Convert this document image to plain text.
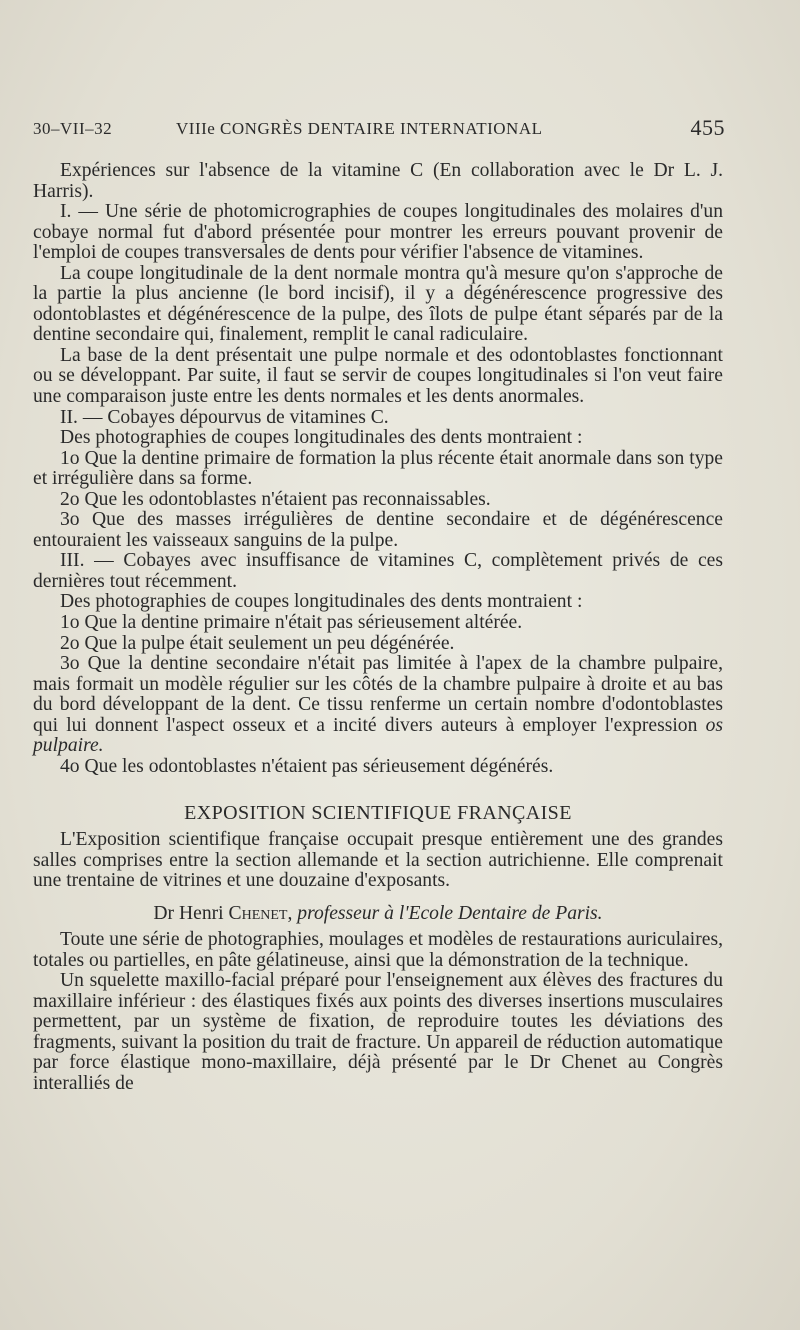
30–VII–32	VIIIe CONGRÈS DENTAIRE INTERNATIONAL	455

Expériences sur l'absence de la vitamine C (En collaboration avec le Dr L. J. Harris).

I. — Une série de photomicrographies de coupes longitudinales des molaires d'un cobaye normal fut d'abord présentée pour montrer les erreurs pouvant provenir de l'emploi de coupes transversales de dents pour vérifier l'absence de vitamines.

La coupe longitudinale de la dent normale montra qu'à mesure qu'on s'approche de la partie la plus ancienne (le bord incisif), il y a dégénérescence progressive des odontoblastes et dégénérescence de la pulpe, des îlots de pulpe étant séparés par de la dentine secondaire qui, finalement, remplit le canal radiculaire.

La base de la dent présentait une pulpe normale et des odontoblastes fonctionnant ou se développant. Par suite, il faut se servir de coupes longitudinales si l'on veut faire une comparaison juste entre les dents normales et les dents anormales.

II. — Cobayes dépourvus de vitamines C.

Des photographies de coupes longitudinales des dents montraient :

1o Que la dentine primaire de formation la plus récente était anormale dans son type et irrégulière dans sa forme.

2o Que les odontoblastes n'étaient pas reconnaissables.

3o Que des masses irrégulières de dentine secondaire et de dégénérescence entouraient les vaisseaux sanguins de la pulpe.

III. — Cobayes avec insuffisance de vitamines C, complètement privés de ces dernières tout récemment.

Des photographies de coupes longitudinales des dents montraient :

1o Que la dentine primaire n'était pas sérieusement altérée.

2o Que la pulpe était seulement un peu dégénérée.

3o Que la dentine secondaire n'était pas limitée à l'apex de la chambre pulpaire, mais formait un modèle régulier sur les côtés de la chambre pulpaire à droite et au bas du bord développant de la dent. Ce tissu renferme un certain nombre d'odontoblastes qui lui donnent l'aspect osseux et a incité divers auteurs à employer l'expression os pulpaire.

4o Que les odontoblastes n'étaient pas sérieusement dégénérés.

EXPOSITION SCIENTIFIQUE FRANÇAISE

L'Exposition scientifique française occupait presque entièrement une des grandes salles comprises entre la section allemande et la section autrichienne. Elle comprenait une trentaine de vitrines et une douzaine d'exposants.

Dr Henri Chenet, professeur à l'Ecole Dentaire de Paris.

Toute une série de photographies, moulages et modèles de restaurations auriculaires, totales ou partielles, en pâte gélatineuse, ainsi que la démonstration de la technique.

Un squelette maxillo-facial préparé pour l'enseignement aux élèves des fractures du maxillaire inférieur : des élastiques fixés aux points des diverses insertions musculaires permettent, par un système de fixation, de reproduire toutes les déviations des fragments, suivant la position du trait de fracture. Un appareil de réduction automatique par force élastique mono-maxillaire, déjà présenté par le Dr Chenet au Congrès interalliés de
